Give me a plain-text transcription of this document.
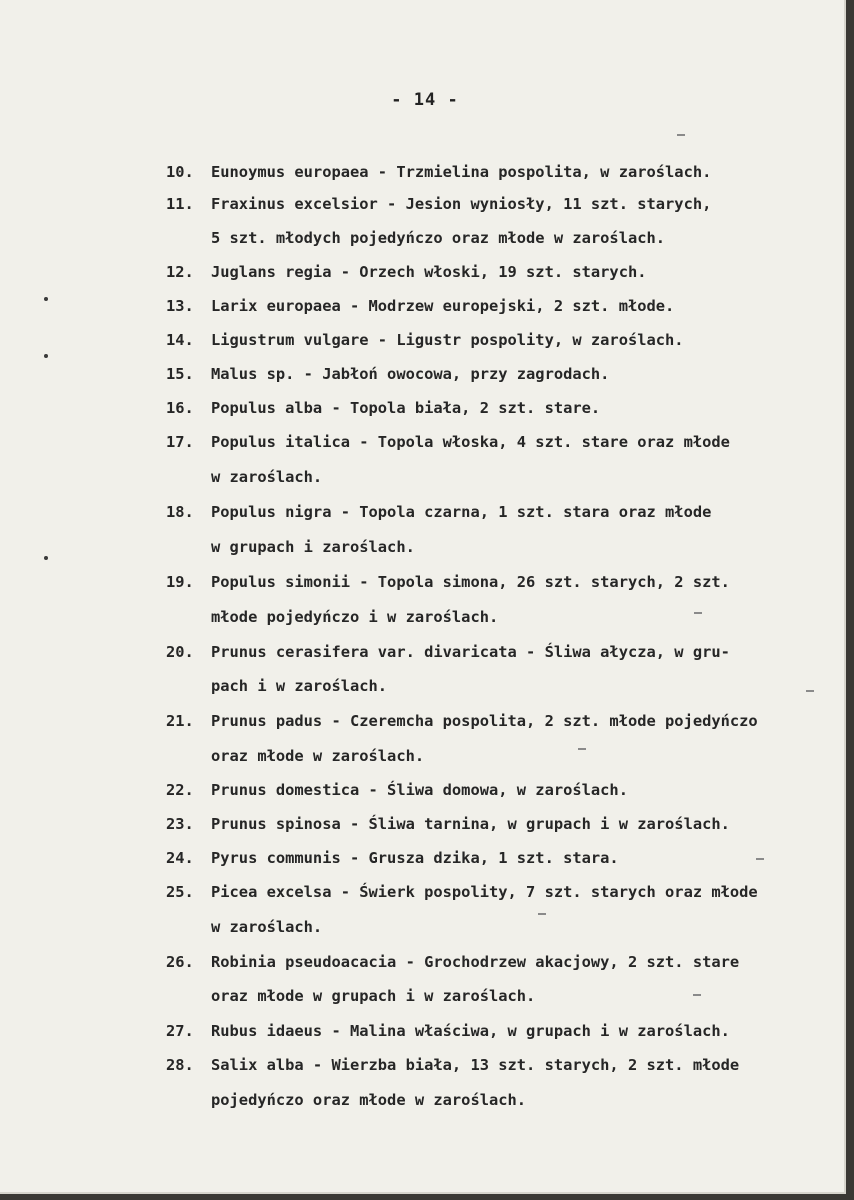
- 14 -
10.	Eunoymus europaea - Trzmielina pospolita, w zaroślach.
11.	Fraxinus excelsior - Jesion wyniosły, 11 szt. starych,
5 szt. młodych pojedyńczo oraz młode w zaroślach.
12.	Juglans regia - Orzech włoski, 19 szt. starych.
13.	Larix europaea - Modrzew europejski, 2 szt. młode.
14.	Ligustrum vulgare - Ligustr pospolity, w zaroślach.
15.	Malus sp. - Jabłoń owocowa, przy zagrodach.
16.	Populus alba - Topola biała, 2 szt. stare.
17.	Populus italica - Topola włoska, 4 szt. stare oraz młode
w zaroślach.
18.	Populus nigra - Topola czarna, 1 szt. stara oraz młode
w grupach i zaroślach.
19.	Populus simonii - Topola simona, 26 szt. starych, 2 szt.
młode pojedyńczo i w zaroślach.
20.	Prunus cerasifera var. divaricata - Śliwa ałycza, w gru-
pach i w zaroślach.
21.	Prunus padus - Czeremcha pospolita, 2 szt. młode pojedyńczo
oraz młode w zaroślach.
22.	Prunus domestica - Śliwa domowa, w zaroślach.
23.	Prunus spinosa - Śliwa tarnina, w grupach i w zaroślach.
24.	Pyrus communis - Grusza dzika, 1 szt. stara.
25.	Picea excelsa - Świerk pospolity, 7 szt. starych oraz młode
w zaroślach.
26.	Robinia pseudoacacia - Grochodrzew akacjowy, 2 szt. stare
oraz młode w grupach i w zaroślach.
27.	Rubus idaeus - Malina właściwa, w grupach i w zaroślach.
28.	Salix alba - Wierzba biała, 13 szt. starych, 2 szt. młode
pojedyńczo oraz młode w zaroślach.
